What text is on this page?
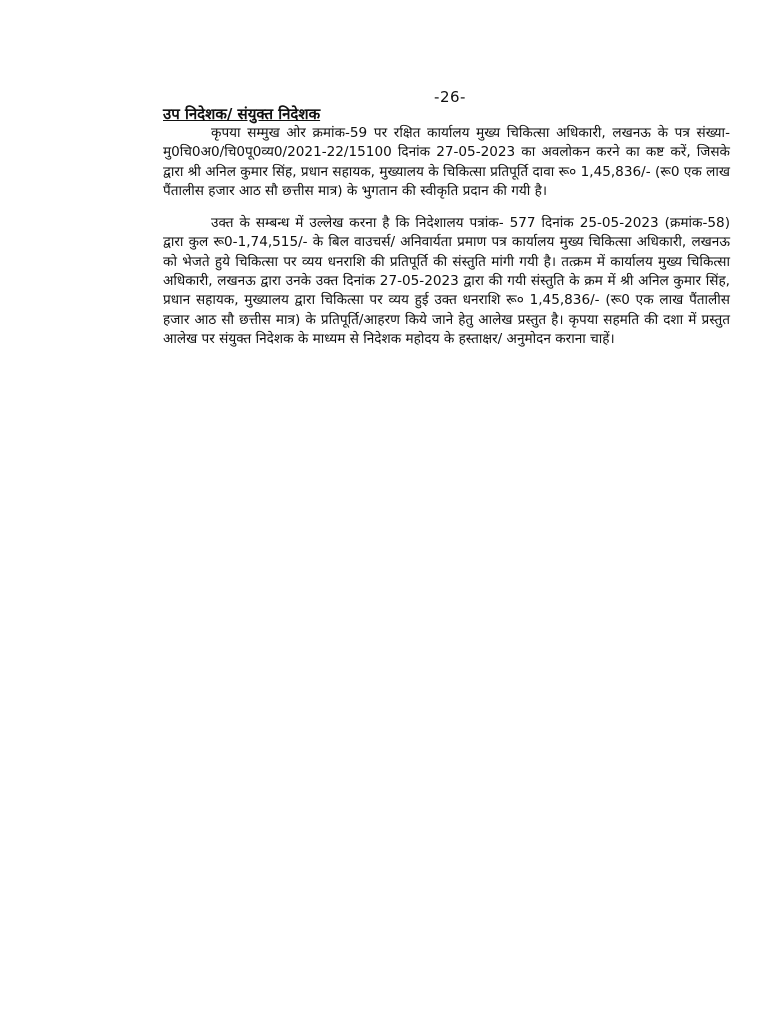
-26-
उप निदेशक/ संयुक्त निदेशक

कृपया सम्मुख ओर क्रमांक-59 पर रक्षित कार्यालय मुख्य चिकित्सा अधिकारी, लखनऊ के पत्र संख्या- मु0चि0अ0/चि0पू0व्य0/2021-22/15100 दिनांक 27-05-2023 का अवलोकन करने का कष्ट करें, जिसके द्वारा श्री अनिल कुमार सिंह, प्रधान सहायक, मुख्यालय के चिकित्सा प्रतिपूर्ति दावा रू० 1,45,836/- (रू0 एक लाख पैंतालीस हजार आठ सौ छत्तीस मात्र) के भुगतान की स्वीकृति प्रदान की गयी है।

उक्त के सम्बन्ध में उल्लेख करना है कि निदेशालय पत्रांक- 577 दिनांक 25-05-2023 (क्रमांक-58) द्वारा कुल रू0-1,74,515/- के बिल वाउचर्स/ अनिवार्यता प्रमाण पत्र कार्यालय मुख्य चिकित्सा अधिकारी, लखनऊ को भेजते हुये चिकित्सा पर व्यय धनराशि की प्रतिपूर्ति की संस्तुति मांगी गयी है। तत्क्रम में कार्यालय मुख्य चिकित्सा अधिकारी, लखनऊ द्वारा उनके उक्त दिनांक 27-05-2023 द्वारा की गयी संस्तुति के क्रम में श्री अनिल कुमार सिंह, प्रधान सहायक, मुख्यालय द्वारा चिकित्सा पर व्यय हुई उक्त धनराशि रू० 1,45,836/- (रू0 एक लाख पैंतालीस हजार आठ सौ छत्तीस मात्र) के प्रतिपूर्ति/आहरण किये जाने हेतु आलेख प्रस्तुत है। कृपया सहमति की दशा में प्रस्तुत आलेख पर संयुक्त निदेशक के माध्यम से निदेशक महोदय के हस्ताक्षर/ अनुमोदन कराना चाहें।
